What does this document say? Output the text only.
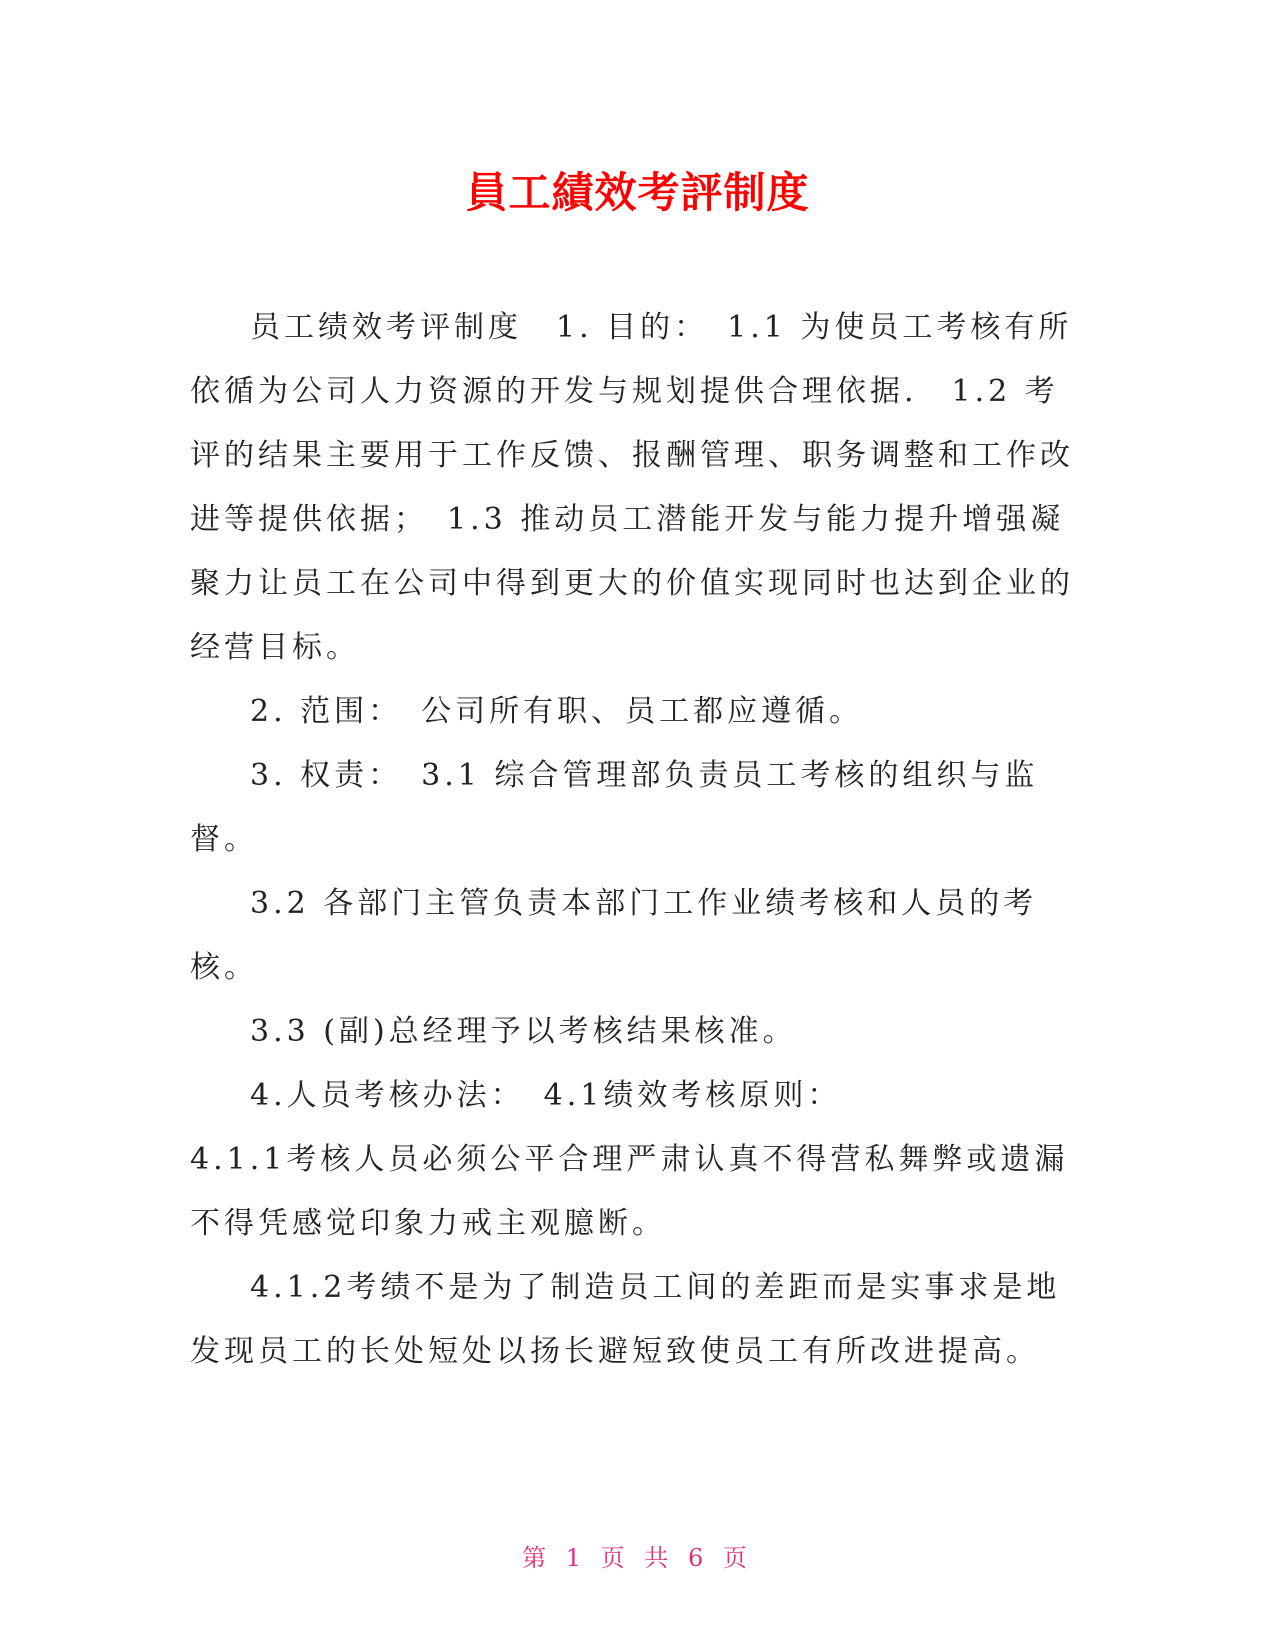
員工績效考評制度

员工绩效考评制度　1. 目的：　1.1 为使员工考核有所依循为公司人力资源的开发与规划提供合理依据.　1.2 考评的结果主要用于工作反馈、报酬管理、职务调整和工作改进等提供依据；　1.3 推动员工潜能开发与能力提升增强凝聚力让员工在公司中得到更大的价值实现同时也达到企业的经营目标。

2. 范围：　公司所有职、员工都应遵循。

3. 权责：　3.1 综合管理部负责员工考核的组织与监督。

3.2 各部门主管负责本部门工作业绩考核和人员的考核。

3.3 (副)总经理予以考核结果核准。

4.人员考核办法：　4.1绩效考核原则：

4.1.1考核人员必须公平合理严肃认真不得营私舞弊或遗漏不得凭感觉印象力戒主观臆断。

4.1.2考绩不是为了制造员工间的差距而是实事求是地发现员工的长处短处以扬长避短致使员工有所改进提高。

第 1 页 共 6 页
